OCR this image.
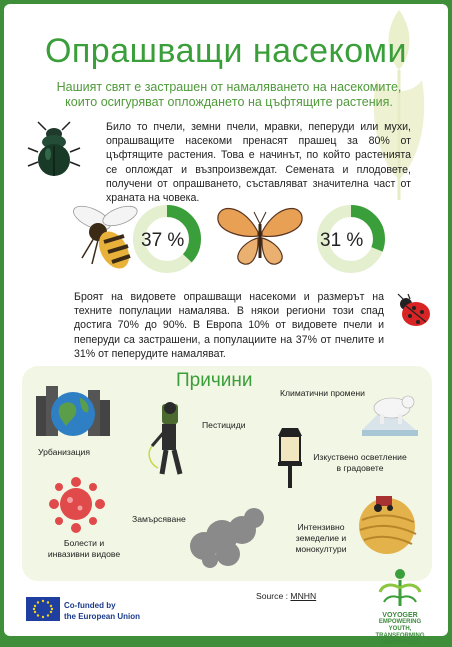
Опрашващи насекоми
Нашият свят е застрашен от намаляването на насекомите,
които осигуряват опложданeто на цъфтящите растения.
Било то пчели, земни пчели, мравки, пеперуди или мухи, опрашващите насекоми пренасят прашец за 80% от цъфтящите растения. Това е начинът, по който растенията се оплождат и възпроизвеждат. Семената и плодовете, получени от опрашването, съставляват значителна част от храната на човека.
37 %	31 %
Броят на видовете опрашващи насекоми и размерът на техните популации намалява. В някои региони този спад достига 70% до 90%. В Европа 10% от видовете пчели и пеперуди са застрашени, а популациите на 37% от пчелите и 31% от пеперудите намаляват.
Причини
Урбанизация
Пестициди
Климатични промени
Изкуствено осветление
в градовете
Болести и
инвазивни видове
Замърсяване
Интензивно
земеделие и
монокултури
Source : MNHN
Co-funded by
the European Union	VOYOGER
EMPOWERING YOUTH,
TRANSFORMING
TOMORROW!
